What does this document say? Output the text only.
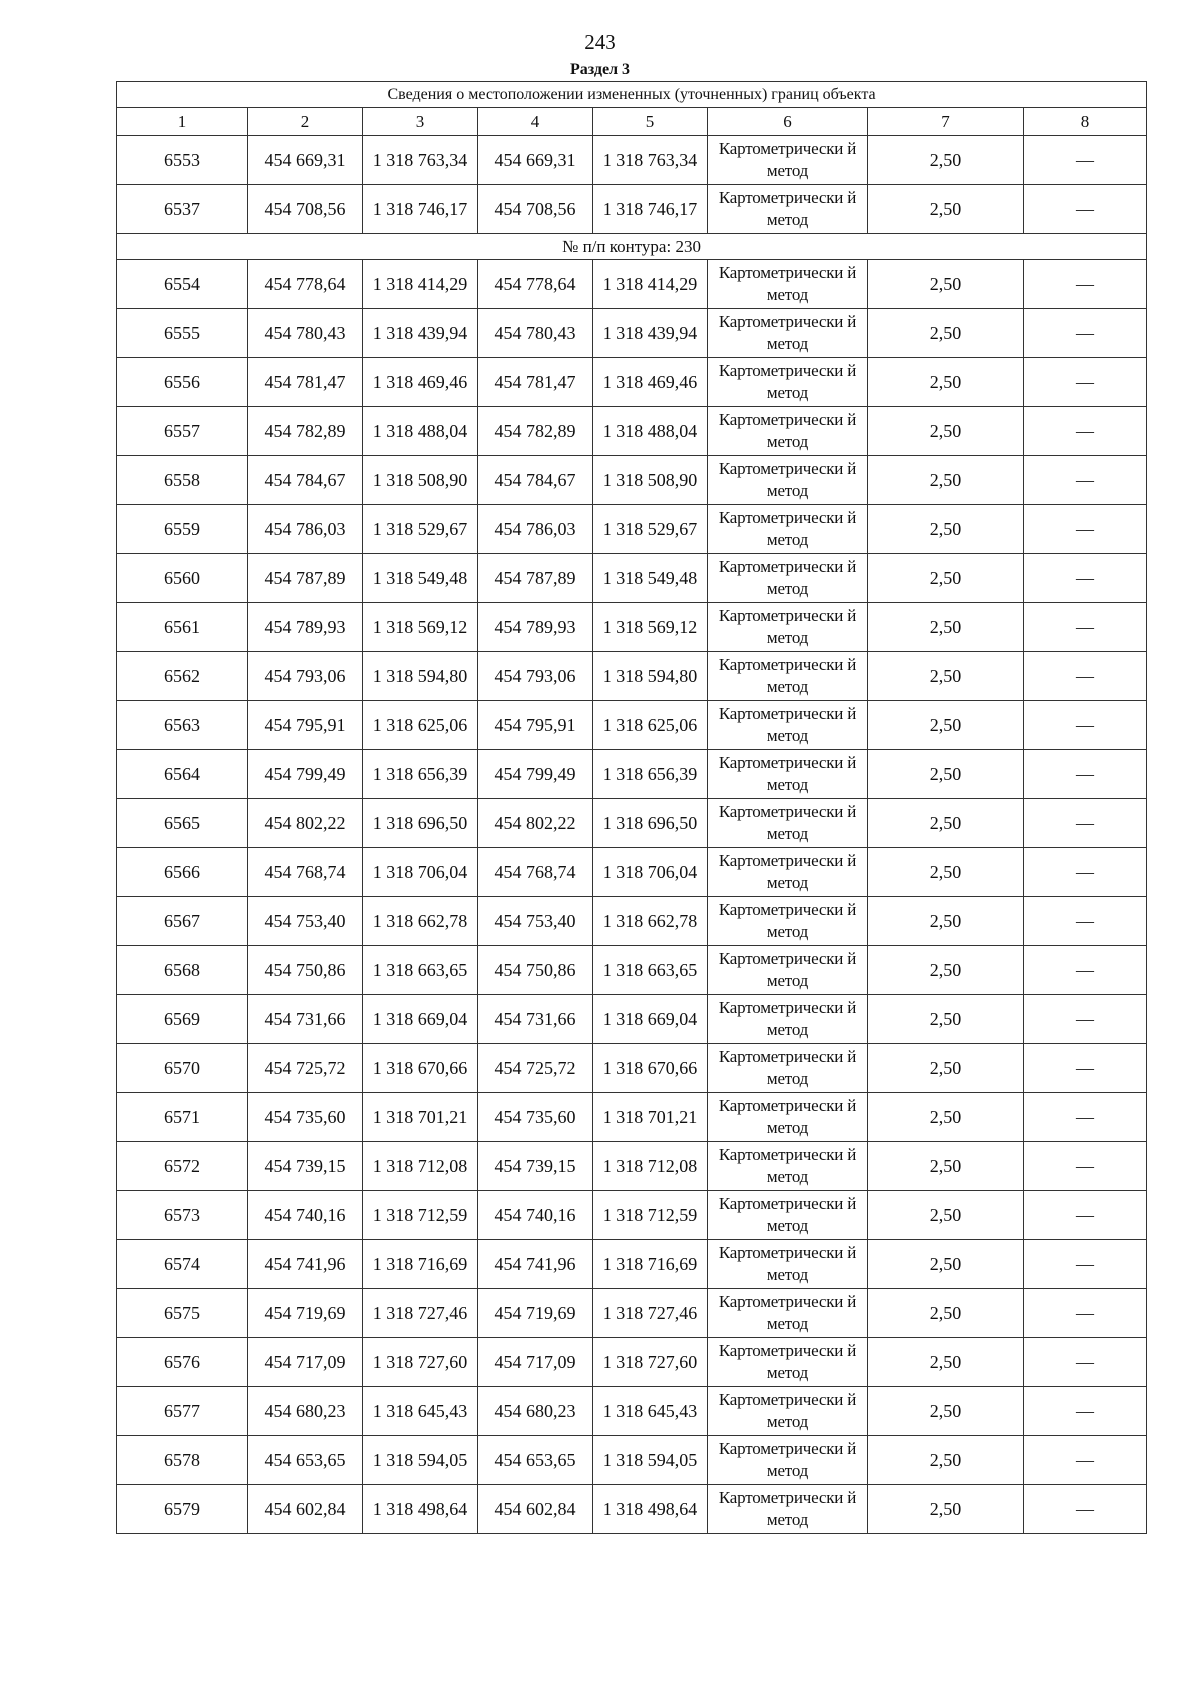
243
Раздел 3
Сведения о местоположении измененных (уточненных) границ объекта							
1	2	3	4	5	6	7	8
6553	454 669,31	1 318 763,34	454 669,31	1 318 763,34	Картометрически й метод	2,50	—
6537	454 708,56	1 318 746,17	454 708,56	1 318 746,17	Картометрически й метод	2,50	—
№ п/п контура: 230							
6554	454 778,64	1 318 414,29	454 778,64	1 318 414,29	Картометрически й метод	2,50	—
6555	454 780,43	1 318 439,94	454 780,43	1 318 439,94	Картометрически й метод	2,50	—
6556	454 781,47	1 318 469,46	454 781,47	1 318 469,46	Картометрически й метод	2,50	—
6557	454 782,89	1 318 488,04	454 782,89	1 318 488,04	Картометрически й метод	2,50	—
6558	454 784,67	1 318 508,90	454 784,67	1 318 508,90	Картометрически й метод	2,50	—
6559	454 786,03	1 318 529,67	454 786,03	1 318 529,67	Картометрически й метод	2,50	—
6560	454 787,89	1 318 549,48	454 787,89	1 318 549,48	Картометрически й метод	2,50	—
6561	454 789,93	1 318 569,12	454 789,93	1 318 569,12	Картометрически й метод	2,50	—
6562	454 793,06	1 318 594,80	454 793,06	1 318 594,80	Картометрически й метод	2,50	—
6563	454 795,91	1 318 625,06	454 795,91	1 318 625,06	Картометрически й метод	2,50	—
6564	454 799,49	1 318 656,39	454 799,49	1 318 656,39	Картометрически й метод	2,50	—
6565	454 802,22	1 318 696,50	454 802,22	1 318 696,50	Картометрически й метод	2,50	—
6566	454 768,74	1 318 706,04	454 768,74	1 318 706,04	Картометрически й метод	2,50	—
6567	454 753,40	1 318 662,78	454 753,40	1 318 662,78	Картометрически й метод	2,50	—
6568	454 750,86	1 318 663,65	454 750,86	1 318 663,65	Картометрически й метод	2,50	—
6569	454 731,66	1 318 669,04	454 731,66	1 318 669,04	Картометрически й метод	2,50	—
6570	454 725,72	1 318 670,66	454 725,72	1 318 670,66	Картометрически й метод	2,50	—
6571	454 735,60	1 318 701,21	454 735,60	1 318 701,21	Картометрически й метод	2,50	—
6572	454 739,15	1 318 712,08	454 739,15	1 318 712,08	Картометрически й метод	2,50	—
6573	454 740,16	1 318 712,59	454 740,16	1 318 712,59	Картометрически й метод	2,50	—
6574	454 741,96	1 318 716,69	454 741,96	1 318 716,69	Картометрически й метод	2,50	—
6575	454 719,69	1 318 727,46	454 719,69	1 318 727,46	Картометрически й метод	2,50	—
6576	454 717,09	1 318 727,60	454 717,09	1 318 727,60	Картометрически й метод	2,50	—
6577	454 680,23	1 318 645,43	454 680,23	1 318 645,43	Картометрически й метод	2,50	—
6578	454 653,65	1 318 594,05	454 653,65	1 318 594,05	Картометрически й метод	2,50	—
6579	454 602,84	1 318 498,64	454 602,84	1 318 498,64	Картометрически й метод	2,50	—
